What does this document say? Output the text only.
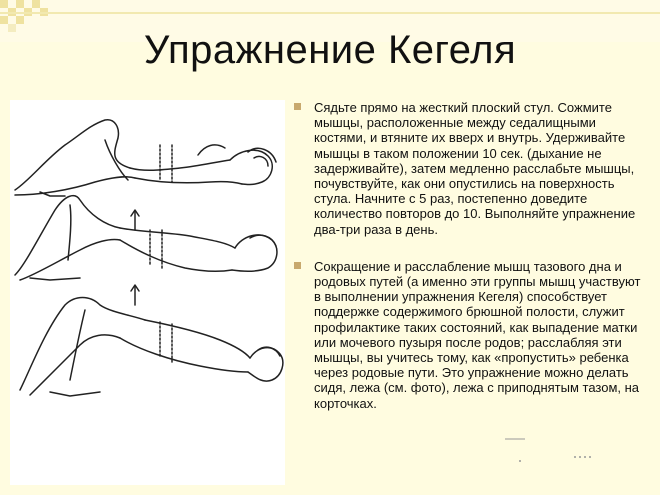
Упражнение Кегеля
Сядьте прямо на жесткий плоский стул. Сожмите мышцы, расположенные между седалищными костями, и втяните их вверх и внутрь. Удерживайте мышцы в таком положении 10 сек. (дыхание не задерживайте), затем медленно расслабьте мышцы, почувствуйте, как они опустились на поверхность стула. Начните с 5 раз, постепенно доведите количество повторов до 10. Выполняйте упражнение два-три раза в день.
Сокращение и расслабление мышц тазового дна и родовых путей (а именно эти группы мышц участвуют в выполнении упражнения Кегеля) способствует поддержке содержимого брюшной полости, служит профилактике таких состояний, как выпадение матки или мочевого пузыря после родов; расслабляя эти мышцы, вы учитесь тому, как «пропустить» ребенка через родовые пути. Это упражнение можно делать сидя, лежа (см. фото), лежа с приподнятым тазом, на корточках.
